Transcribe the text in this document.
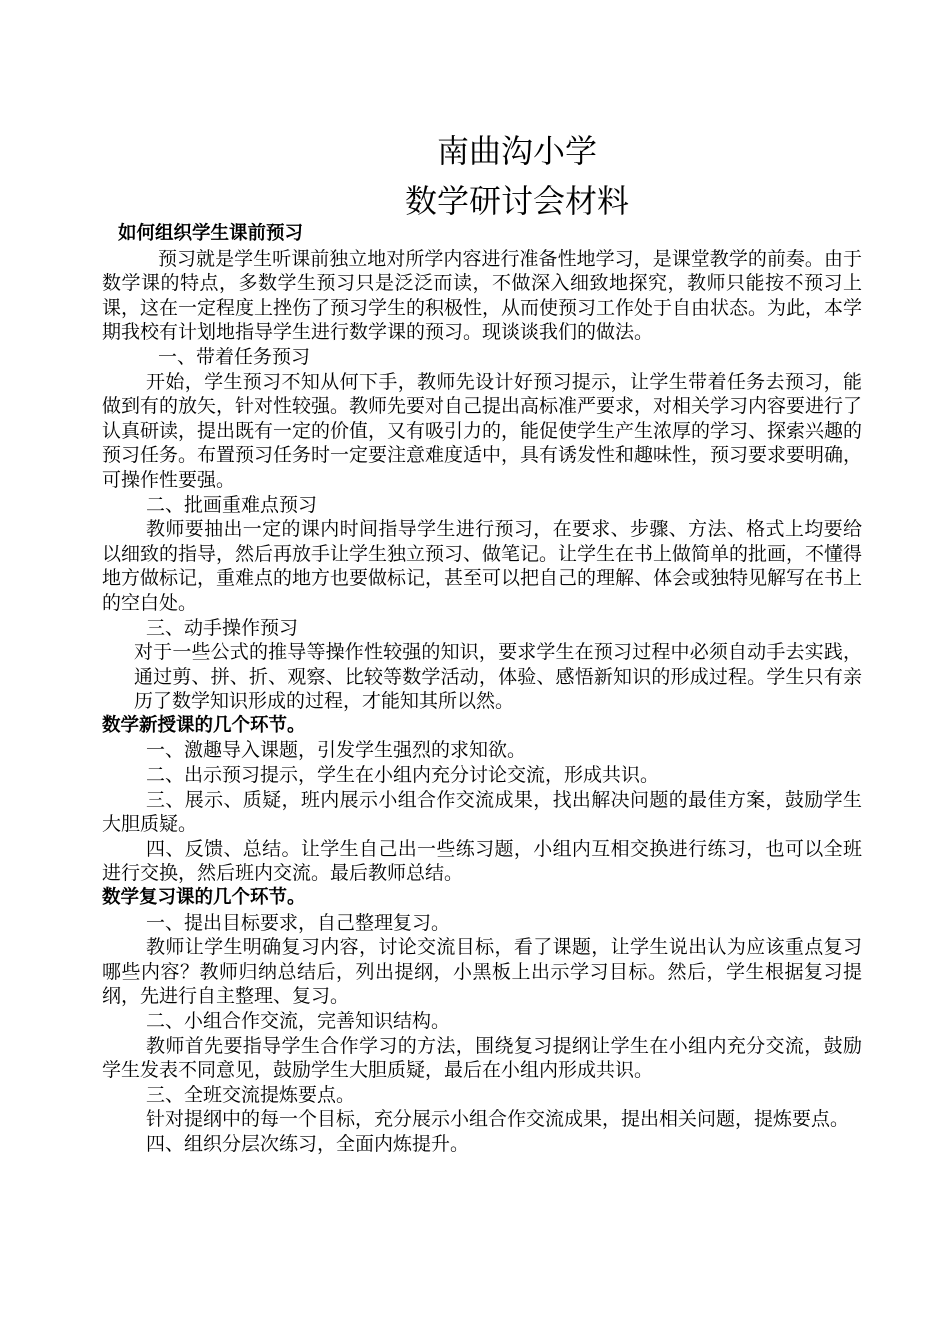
南曲沟小学
数学研讨会材料

如何组织学生课前预习

预习就是学生听课前独立地对所学内容进行准备性地学习，是课堂教学的前奏。由于数学课的特点，多数学生预习只是泛泛而读，不做深入细致地探究，教师只能按不预习上课，这在一定程度上挫伤了预习学生的积极性，从而使预习工作处于自由状态。为此，本学期我校有计划地指导学生进行数学课的预习。现谈谈我们的做法。

一、带着任务预习

开始，学生预习不知从何下手，教师先设计好预习提示，让学生带着任务去预习，能做到有的放矢，针对性较强。教师先要对自己提出高标准严要求，对相关学习内容要进行了认真研读，提出既有一定的价值，又有吸引力的，能促使学生产生浓厚的学习、探索兴趣的预习任务。布置预习任务时一定要注意难度适中，具有诱发性和趣味性，预习要求要明确，可操作性要强。

二、批画重难点预习

教师要抽出一定的课内时间指导学生进行预习，在要求、步骤、方法、格式上均要给以细致的指导，然后再放手让学生独立预习、做笔记。让学生在书上做简单的批画，不懂得地方做标记，重难点的地方也要做标记，甚至可以把自己的理解、体会或独特见解写在书上的空白处。

三、动手操作预习

对于一些公式的推导等操作性较强的知识，要求学生在预习过程中必须自动手去实践，通过剪、拼、折、观察、比较等数学活动，体验、感悟新知识的形成过程。学生只有亲历了数学知识形成的过程，才能知其所以然。

数学新授课的几个环节。

一、激趣导入课题，引发学生强烈的求知欲。

二、出示预习提示，学生在小组内充分讨论交流，形成共识。

三、展示、质疑，班内展示小组合作交流成果，找出解决问题的最佳方案，鼓励学生大胆质疑。

四、反馈、总结。让学生自己出一些练习题，小组内互相交换进行练习，也可以全班进行交换，然后班内交流。最后教师总结。

数学复习课的几个环节。

一、提出目标要求，自己整理复习。

教师让学生明确复习内容，讨论交流目标，看了课题，让学生说出认为应该重点复习哪些内容？教师归纳总结后，列出提纲，小黑板上出示学习目标。然后，学生根据复习提纲，先进行自主整理、复习。

二、小组合作交流，完善知识结构。

教师首先要指导学生合作学习的方法，围绕复习提纲让学生在小组内充分交流，鼓励学生发表不同意见，鼓励学生大胆质疑，最后在小组内形成共识。

三、全班交流提炼要点。

针对提纲中的每一个目标，充分展示小组合作交流成果，提出相关问题，提炼要点。

四、组织分层次练习，全面内炼提升。
